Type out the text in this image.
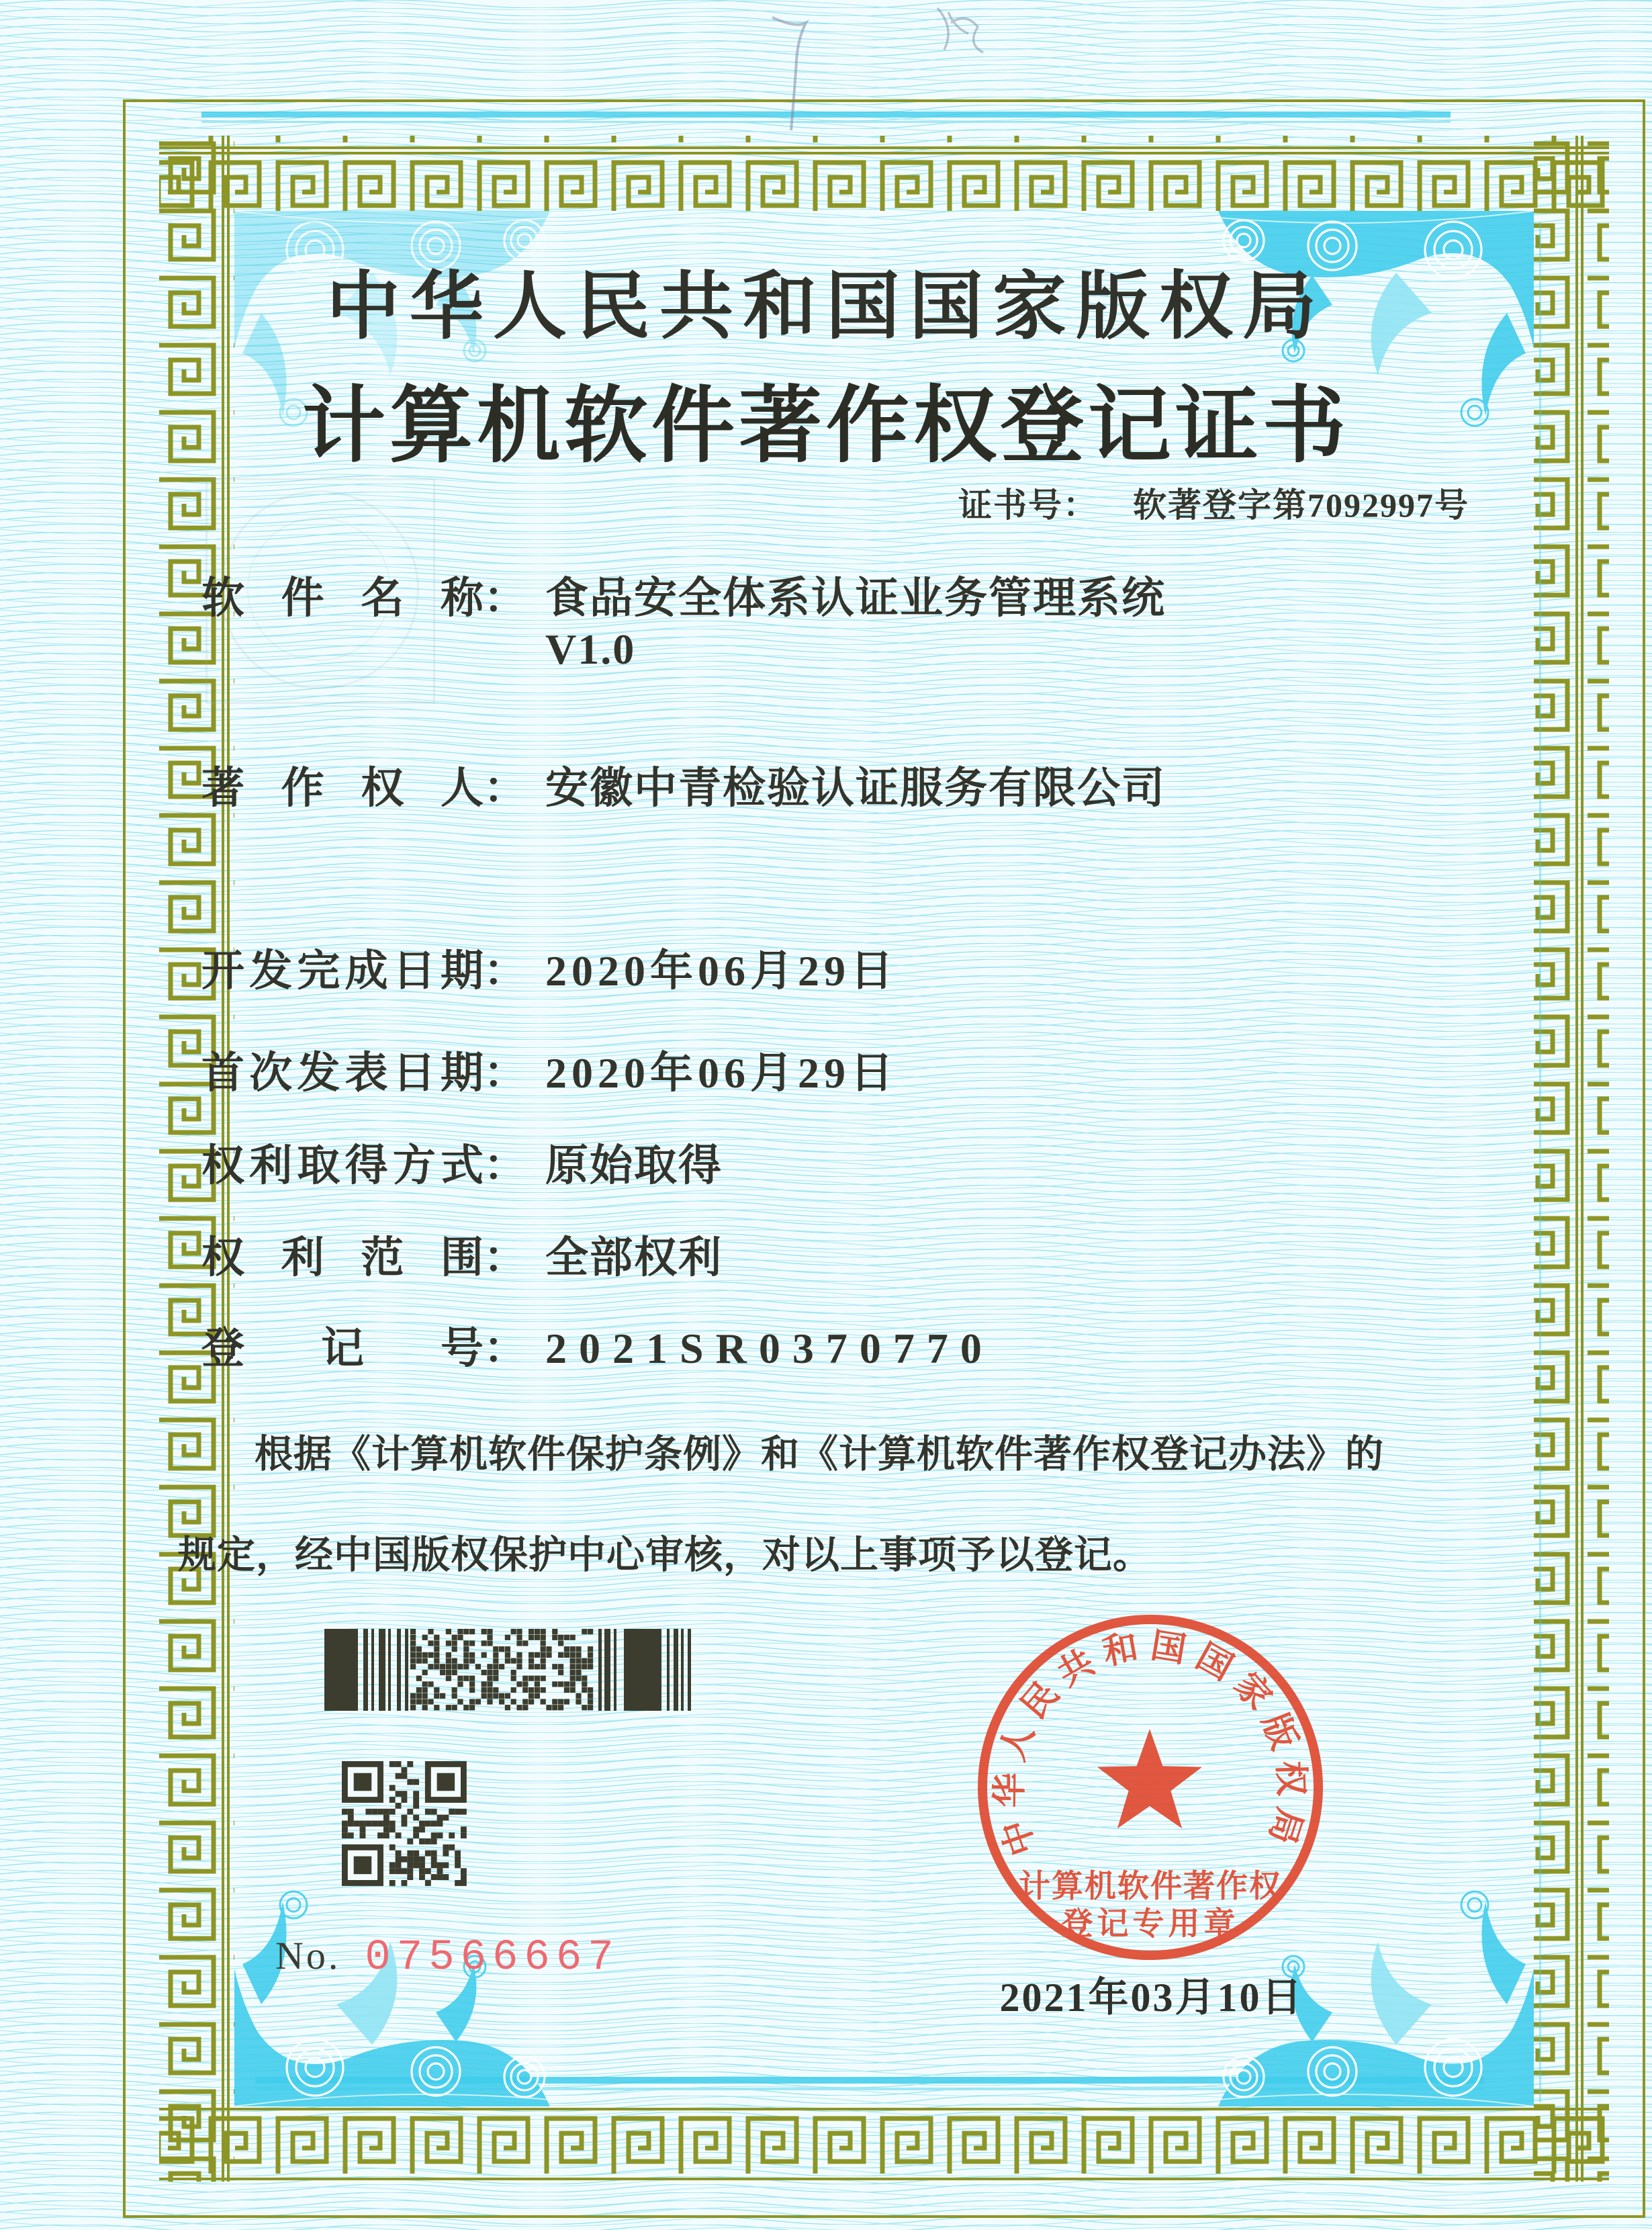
中华人民共和国国家版权局
计算机软件著作权登记证书
证书号： 软著登字第7092997号
软件名称 ： 食品安全体系认证业务管理系统
V1.0
著作权人 ： 安徽中青检验认证服务有限公司
开发完成日期 ： 2020年06月29日
首次发表日期 ： 2020年06月29日
权利取得方式 ： 原始取得
权利范围 ： 全部权利
登记号 ： 2021SR0370770
根据《计算机软件保护条例》和《计算机软件著作权登记办法》的
规定，经中国版权保护中心审核，对以上事项予以登记。
No. 07566667
2021年03月10日
中华人民共和国国家版权局
计算机软件著作权
登记专用章
